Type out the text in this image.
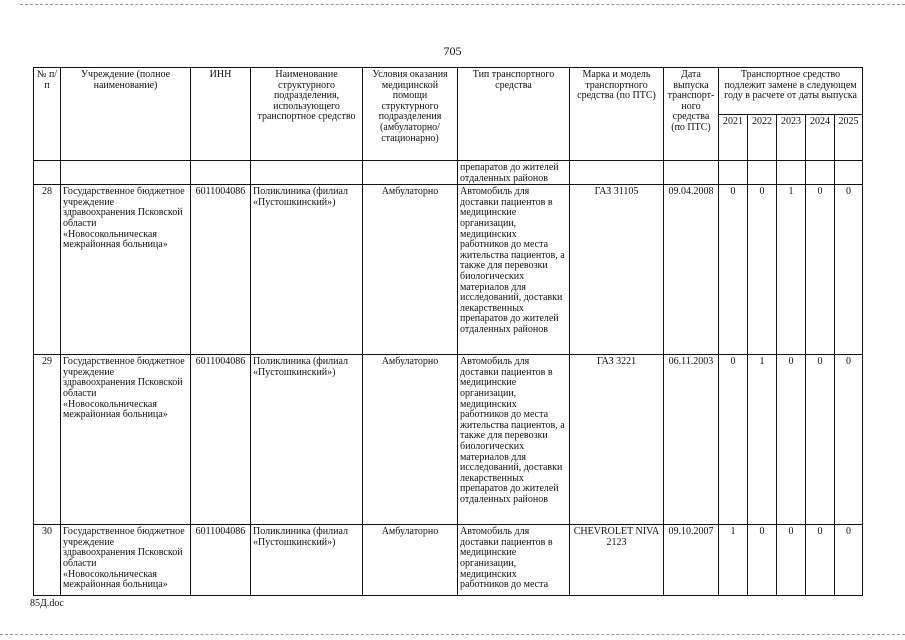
705
№ п/п	Учреждение (полное наименование)	ИНН	Наименование структурного подразделения, использующего транспортное средство	Условия оказания медицинской помощи структурного подразделения (амбулаторно/ стационарно)	Тип транспортного средства	Марка и модель транспортного средства (по ПТС)	Дата выпуска транспорт- ного средства (по ПТС)	Транспортное средство подлежит замене в следующем году в расчете от даты выпуска				
								2021	2022	2023	2024	2025
					препаратов до жителей отдаленных районов							
28	Государственное бюджетное учреждение здравоохранения Псковской области «Новосокольническая межрайонная больница»	6011004086	Поликлиника (филиал «Пустошкинский»)	Амбулаторно	Автомобиль для доставки пациентов в медицинские организации, медицинских работников до места жительства пациентов, а также для перевозки биологических материалов для исследований, доставки лекарственных препаратов до жителей отдаленных районов	ГАЗ 31105	09.04.2008	0	0	1	0	0
29	Государственное бюджетное учреждение здравоохранения Псковской области «Новосокольническая межрайонная больница»	6011004086	Поликлиника (филиал «Пустошкинский»)	Амбулаторно	Автомобиль для доставки пациентов в медицинские организации, медицинских работников до места жительства пациентов, а также для перевозки биологических материалов для исследований, доставки лекарственных препаратов до жителей отдаленных районов	ГАЗ 3221	06.11.2003	0	1	0	0	0
30	Государственное бюджетное учреждение здравоохранения Псковской области «Новосокольническая межрайонная больница»	6011004086	Поликлиника (филиал «Пустошкинский»)	Амбулаторно	Автомобиль для доставки пациентов в медицинские организации, медицинских работников до места	CHEVROLET NIVA 2123	09.10.2007	1	0	0	0	0
85Д.doc
